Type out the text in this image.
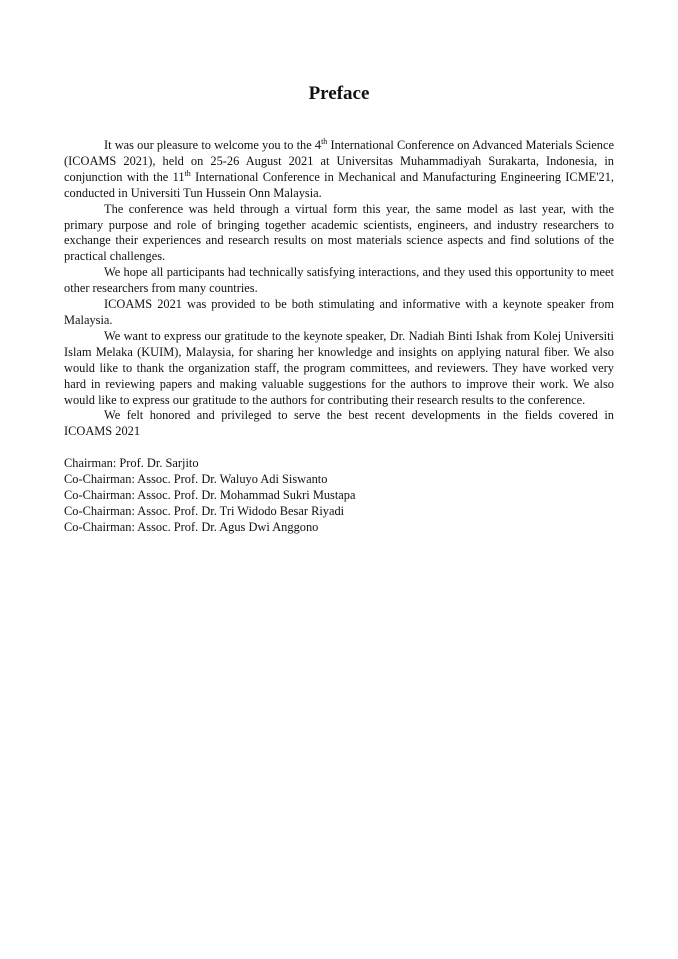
Preface

It was our pleasure to welcome you to the 4th International Conference on Advanced Materials Science (ICOAMS 2021), held on 25-26 August 2021 at Universitas Muhammadiyah Surakarta, Indonesia, in conjunction with the 11th International Conference in Mechanical and Manufacturing Engineering ICME'21, conducted in Universiti Tun Hussein Onn Malaysia.

The conference was held through a virtual form this year, the same model as last year, with the primary purpose and role of bringing together academic scientists, engineers, and industry researchers to exchange their experiences and research results on most materials science aspects and find solutions of the practical challenges.

We hope all participants had technically satisfying interactions, and they used this opportunity to meet other researchers from many countries.

ICOAMS 2021 was provided to be both stimulating and informative with a keynote speaker from Malaysia.

We want to express our gratitude to the keynote speaker, Dr. Nadiah Binti Ishak from Kolej Universiti Islam Melaka (KUIM), Malaysia, for sharing her knowledge and insights on applying natural fiber. We also would like to thank the organization staff, the program committees, and reviewers. They have worked very hard in reviewing papers and making valuable suggestions for the authors to improve their work. We also would like to express our gratitude to the authors for contributing their research results to the conference.

We felt honored and privileged to serve the best recent developments in the fields covered in ICOAMS 2021

Chairman: Prof. Dr. Sarjito

Co-Chairman: Assoc. Prof. Dr. Waluyo Adi Siswanto

Co-Chairman: Assoc. Prof. Dr. Mohammad Sukri Mustapa

Co-Chairman: Assoc. Prof. Dr. Tri Widodo Besar Riyadi

Co-Chairman: Assoc. Prof. Dr. Agus Dwi Anggono
